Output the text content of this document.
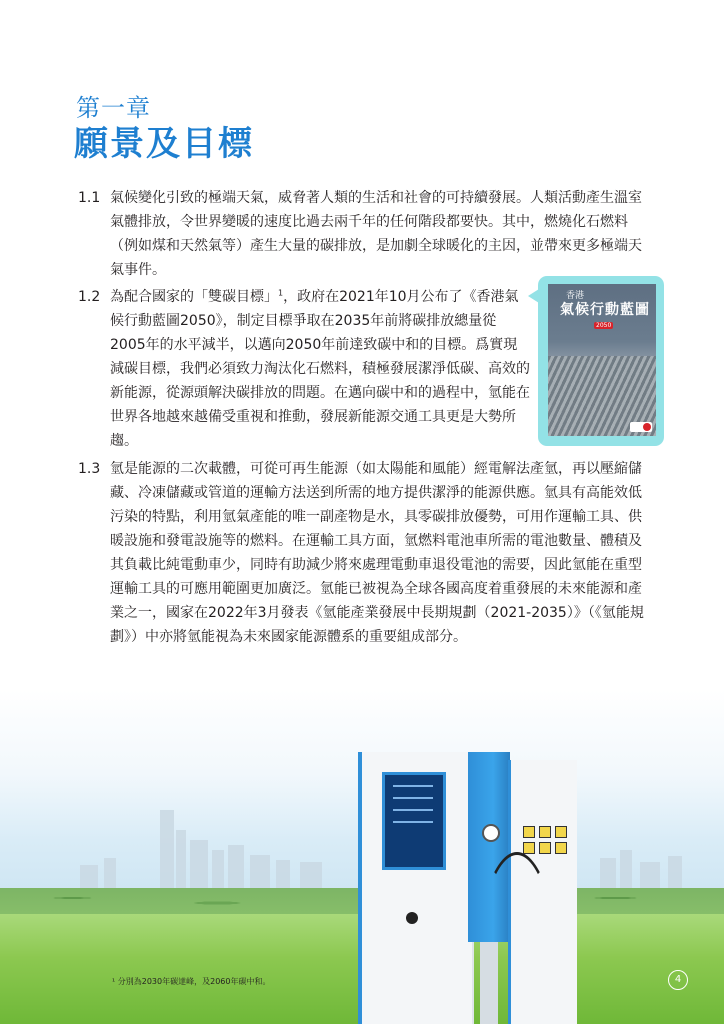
第一章
願景及目標
1.1 氣候變化引致的極端天氣，威脅著人類的生活和社會的可持續發展。人類活動產生溫室氣體排放，令世界變暖的速度比過去兩千年的任何階段都要快。其中，燃燒化石燃料（例如煤和天然氣等）產生大量的碳排放，是加劇全球暖化的主因，並帶來更多極端天氣事件。
1.2 為配合國家的「雙碳目標」$^1$，政府在2021年10月公布了《香港氣候行動藍圖2050》，制定目標爭取在2035年前將碳排放總量從2005年的水平減半，以邁向2050年前達致碳中和的目標。爲實現減碳目標，我們必須致力淘汰化石燃料，積極發展潔淨低碳、高效的新能源，從源頭解決碳排放的問題。在邁向碳中和的過程中，氫能在世界各地越來越備受重視和推動，發展新能源交通工具更是大勢所趨。
香港
氣候行動藍圖
2050
1.3 氫是能源的二次載體，可從可再生能源（如太陽能和風能）經電解法產氫，再以壓縮儲藏、冷凍儲藏或管道的運輸方法送到所需的地方提供潔淨的能源供應。氫具有高能效低污染的特點，利用氫氣產能的唯一副產物是水，具零碳排放優勢，可用作運輸工具、供暖設施和發電設施等的燃料。在運輸工具方面，氫燃料電池車所需的電池數量、體積及其負載比純電動車少，同時有助減少將來處理電動車退役電池的需要，因此氫能在重型運輸工具的可應用範圍更加廣泛。氫能已被視為全球各國高度着重發展的未來能源和產業之一，國家在2022年3月發表《氫能產業發展中長期規劃（2021-2035）》（《氫能規劃》）中亦將氫能視為未來國家能源體系的重要組成部分。
¹ 分別為2030年碳達峰，及2060年碳中和。	4
